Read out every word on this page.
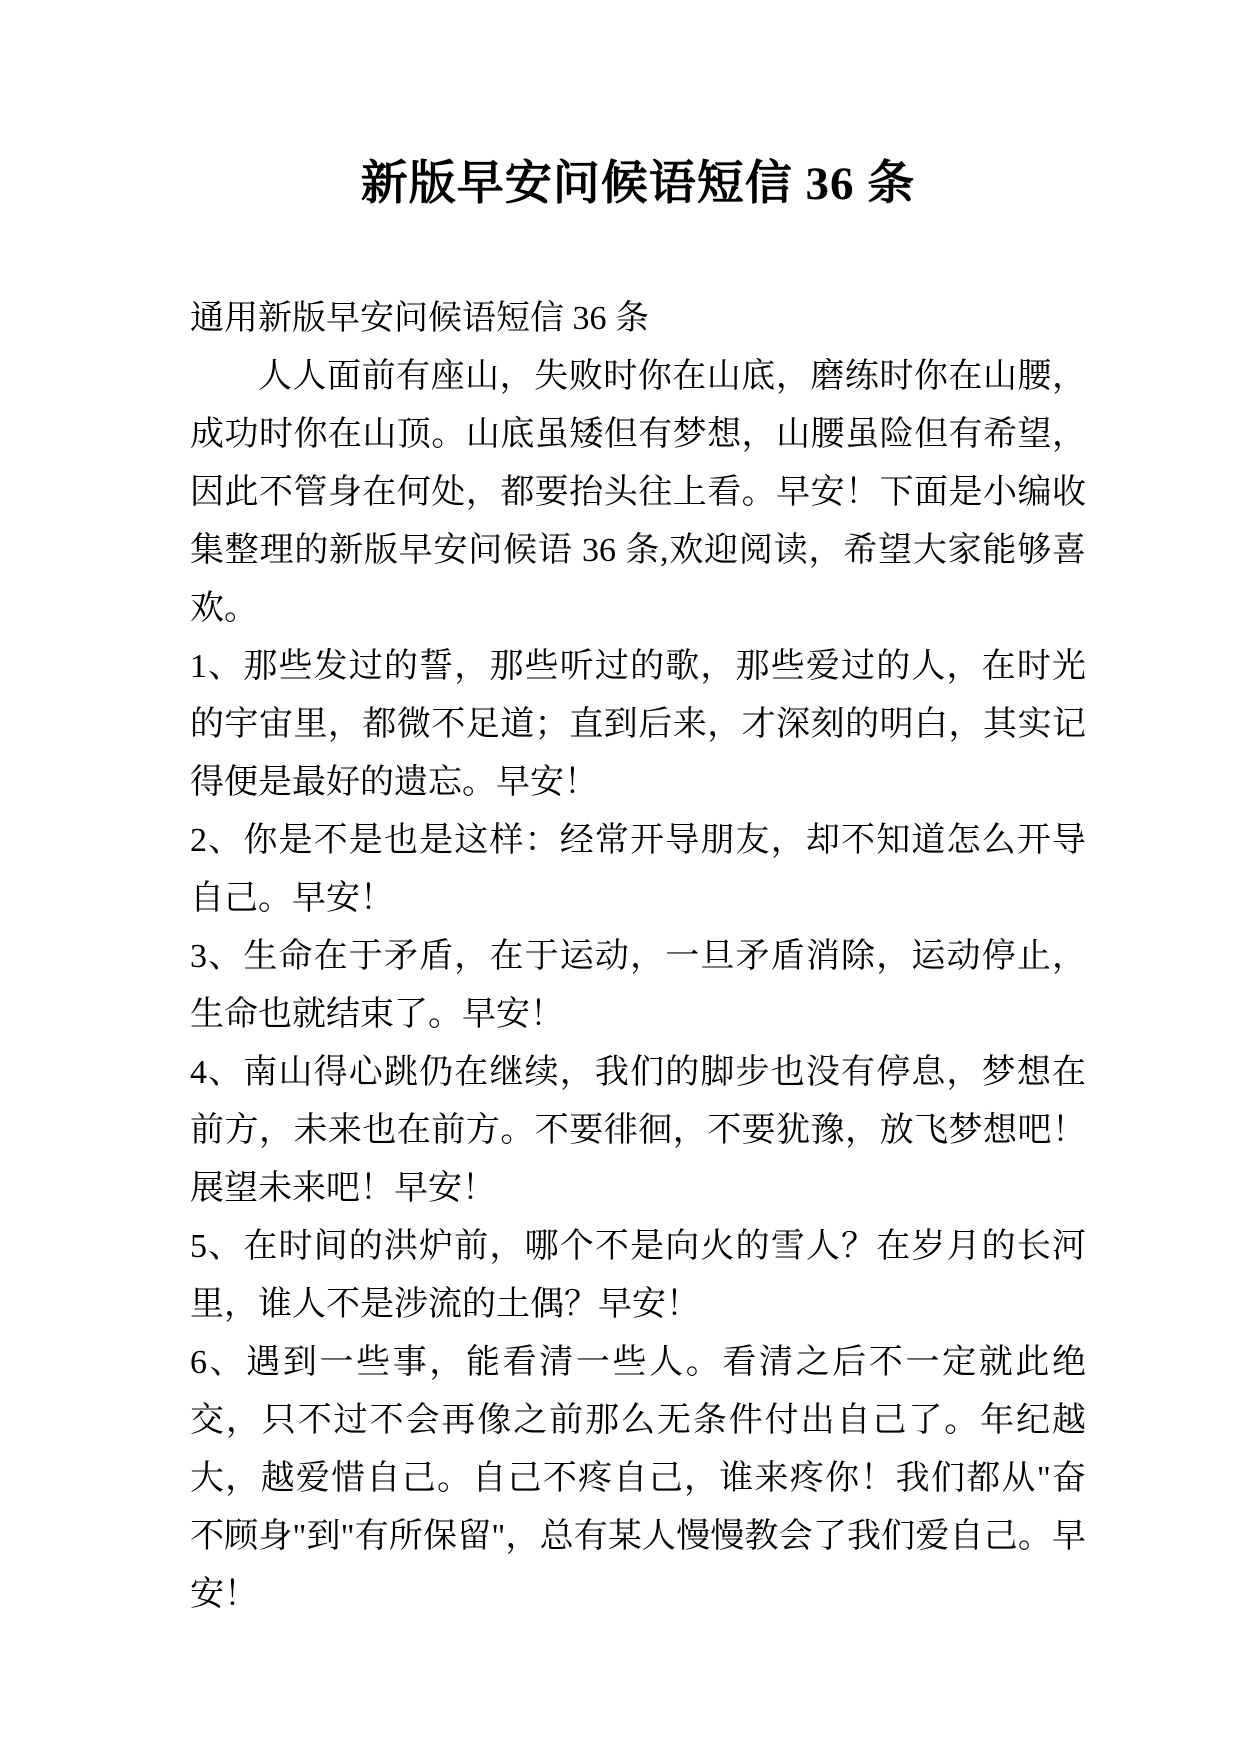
新版早安问候语短信 36 条

通用新版早安问候语短信 36 条

人人面前有座山，失败时你在山底，磨练时你在山腰，成功时你在山顶。山底虽矮但有梦想，山腰虽险但有希望，因此不管身在何处，都要抬头往上看。早安！下面是小编收集整理的新版早安问候语 36 条,欢迎阅读，希望大家能够喜欢。

1、那些发过的誓，那些听过的歌，那些爱过的人，在时光的宇宙里，都微不足道；直到后来，才深刻的明白，其实记得便是最好的遗忘。早安！

2、你是不是也是这样：经常开导朋友，却不知道怎么开导自己。早安！

3、生命在于矛盾，在于运动，一旦矛盾消除，运动停止，生命也就结束了。早安！

4、南山得心跳仍在继续，我们的脚步也没有停息，梦想在前方，未来也在前方。不要徘徊，不要犹豫，放飞梦想吧！展望未来吧！早安！

5、在时间的洪炉前，哪个不是向火的雪人？在岁月的长河里，谁人不是涉流的土偶？早安！

6、遇到一些事，能看清一些人。看清之后不一定就此绝交，只不过不会再像之前那么无条件付出自己了。年纪越大，越爱惜自己。自己不疼自己，谁来疼你！我们都从"奋不顾身"到"有所保留"，总有某人慢慢教会了我们爱自己。早安！
